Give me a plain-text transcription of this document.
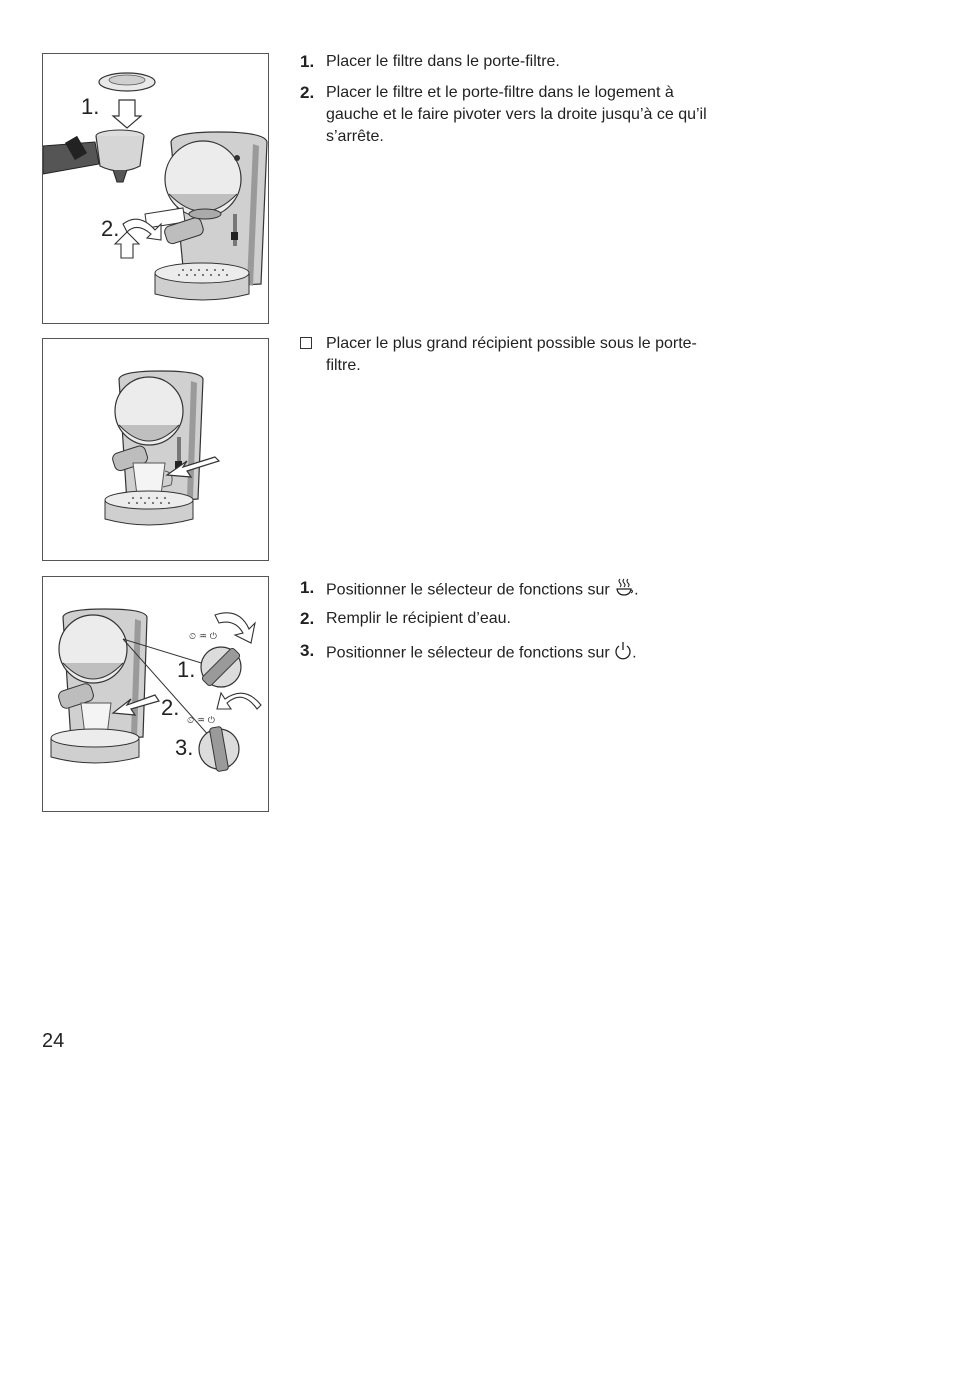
1.
2.
⏲ ♒ ⏻
⏲ ♒ ⏻
1.
2.
3.
1. Placer le filtre dans le porte-filtre.
2. Placer le filtre et le porte-filtre dans le logement à gauche et le faire pivoter vers la droite jusqu’à ce qu’il s’arrête.
Placer le plus grand récipient possible sous le porte-filtre.
1. Positionner le sélecteur de fonctions sur .
2. Remplir le récipient d’eau.
3. Positionner le sélecteur de fonctions sur .
24
